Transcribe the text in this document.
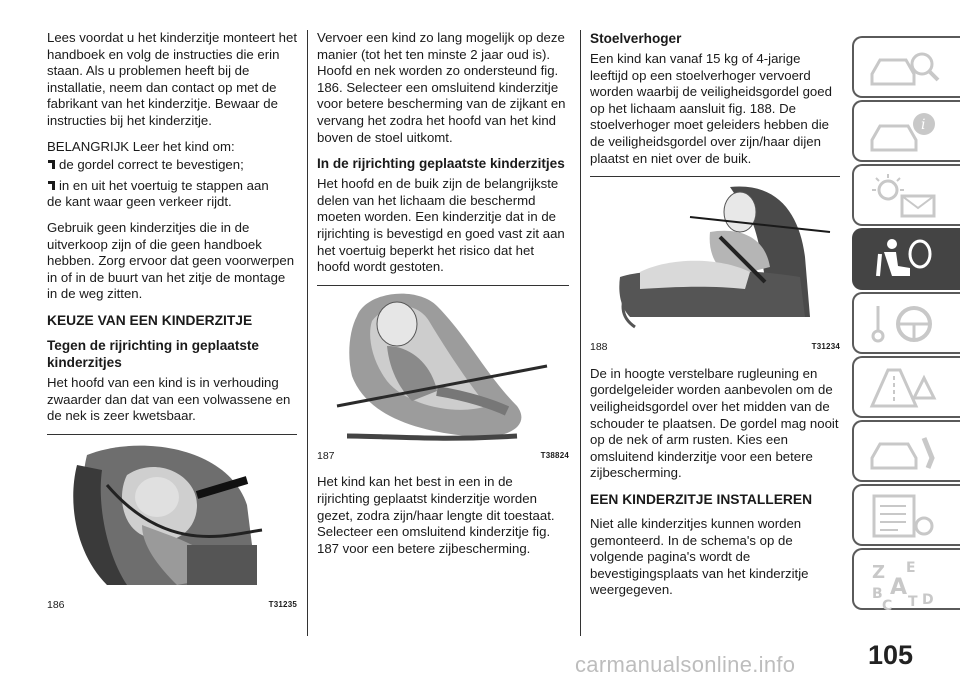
Lees voordat u het kinderzitje monteert het handboek en volg de instructies die erin staan. Als u problemen heeft bij de installatie, neem dan contact op met de fabrikant van het kinderzitje. Bewaar de instructies bij het kinderzitje.

BELANGRIJK Leer het kind om:

de gordel correct te bevestigen;
in en uit het voertuig te stappen aan

de kant waar geen verkeer rijdt.

Gebruik geen kinderzitjes die in de uitverkoop zijn of die geen handboek hebben. Zorg ervoor dat geen voorwerpen in of in de buurt van het zitje de montage in de weg zitten.

KEUZE VAN EEN KINDERZITJE
Tegen de rijrichting in geplaatste kinderzitjes

Het hoofd van een kind is in verhouding zwaarder dan dat van een volwassene en de nek is zeer kwetsbaar.

186	T31235

Vervoer een kind zo lang mogelijk op deze manier (tot het ten minste 2 jaar oud is). Hoofd en nek worden zo ondersteund fig. 186. Selecteer een omsluitend kinderzitje voor betere bescherming van de zijkant en vervang het zodra het hoofd van het kind boven de stoel uitkomt.

In de rijrichting geplaatste kinderzitjes

Het hoofd en de buik zijn de belangrijkste delen van het lichaam die beschermd moeten worden. Een kinderzitje dat in de rijrichting is bevestigd en goed vast zit aan het voertuig beperkt het risico dat het hoofd wordt gestoten.

187	T38824

Het kind kan het best in een in de rijrichting geplaatst kinderzitje worden gezet, zodra zijn/haar lengte dit toestaat. Selecteer een omsluitend kinderzitje fig. 187 voor een betere zijbescherming.

Stoelverhoger

Een kind kan vanaf 15 kg of 4-jarige leeftijd op een stoelverhoger vervoerd worden waarbij de veiligheidsgordel goed op het lichaam aansluit fig. 188. De stoelverhoger moet geleiders hebben die de veiligheidsgordel over zijn/haar dijen plaatst en niet over de buik.

188	T31234

De in hoogte verstelbare rugleuning en gordelgeleider worden aanbevolen om de veiligheidsgordel over het midden van de schouder te plaatsen. De gordel mag nooit op de nek of arm rusten. Kies een omsluitend kinderzitje voor een betere zijbescherming.

EEN KINDERZITJE INSTALLEREN

Niet alle kinderzitjes kunnen worden gemonteerd. In de schema's op de volgende pagina's wordt de bevestigingsplaats van het kinderzitje weergegeven.

i
Z E
A
B
C T D
105
carmanualsonline.info
